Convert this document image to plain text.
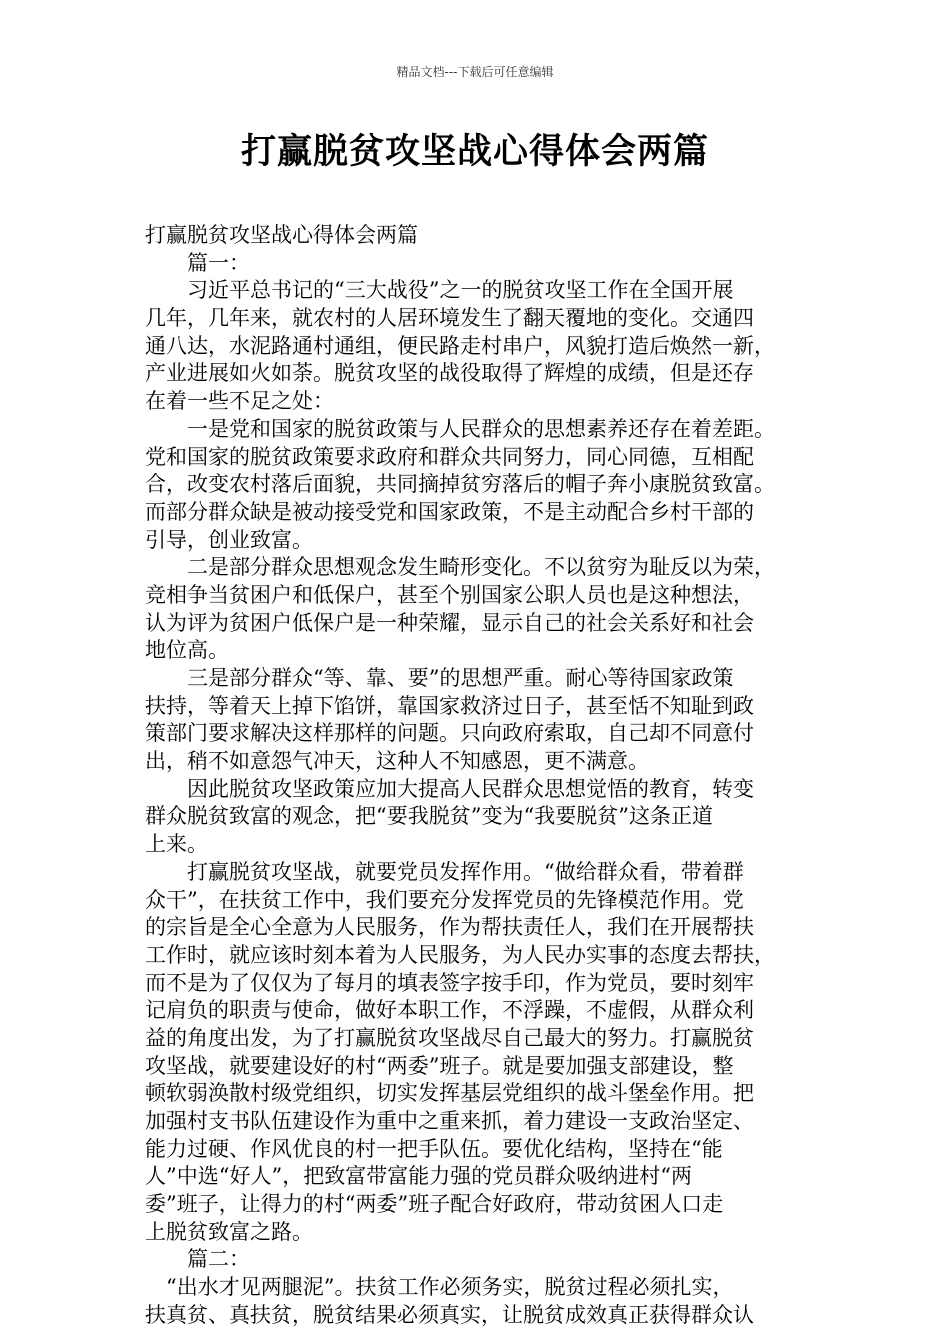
精品文档---下载后可任意编辑
打赢脱贫攻坚战心得体会两篇
打赢脱贫攻坚战心得体会两篇
篇一：
习近平总书记的“三大战役”之一的脱贫攻坚工作在全国开展
几年，几年来，就农村的人居环境发生了翻天覆地的变化。交通四
通八达，水泥路通村通组，便民路走村串户，风貌打造后焕然一新，
产业进展如火如荼。脱贫攻坚的战役取得了辉煌的成绩，但是还存
在着一些不足之处：
一是党和国家的脱贫政策与人民群众的思想素养还存在着差距。
党和国家的脱贫政策要求政府和群众共同努力，同心同德，互相配
合，改变农村落后面貌，共同摘掉贫穷落后的帽子奔小康脱贫致富。
而部分群众缺是被动接受党和国家政策，不是主动配合乡村干部的
引导，创业致富。
二是部分群众思想观念发生畸形变化。不以贫穷为耻反以为荣，
竞相争当贫困户和低保户，甚至个别国家公职人员也是这种想法，
认为评为贫困户低保户是一种荣耀，显示自己的社会关系好和社会
地位高。
三是部分群众“等、靠、要”的思想严重。耐心等待国家政策
扶持，等着天上掉下馅饼，靠国家救济过日子，甚至恬不知耻到政
策部门要求解决这样那样的问题。只向政府索取，自己却不同意付
出，稍不如意怨气冲天，这种人不知感恩，更不满意。
因此脱贫攻坚政策应加大提高人民群众思想觉悟的教育，转变
群众脱贫致富的观念，把“要我脱贫”变为“我要脱贫”这条正道
上来。
打赢脱贫攻坚战，就要党员发挥作用。“做给群众看，带着群
众干”，在扶贫工作中，我们要充分发挥党员的先锋模范作用。党
的宗旨是全心全意为人民服务，作为帮扶责任人，我们在开展帮扶
工作时，就应该时刻本着为人民服务，为人民办实事的态度去帮扶，
而不是为了仅仅为了每月的填表签字按手印，作为党员，要时刻牢
记肩负的职责与使命，做好本职工作，不浮躁，不虚假，从群众利
益的角度出发，为了打赢脱贫攻坚战尽自己最大的努力。打赢脱贫
攻坚战，就要建设好的村“两委”班子。就是要加强支部建设，整
顿软弱涣散村级党组织，切实发挥基层党组织的战斗堡垒作用。把
加强村支书队伍建设作为重中之重来抓，着力建设一支政治坚定、
能力过硬、作风优良的村一把手队伍。要优化结构，坚持在“能
人”中选“好人”，把致富带富能力强的党员群众吸纳进村“两
委”班子，让得力的村“两委”班子配合好政府，带动贫困人口走
上脱贫致富之路。
篇二：
“出水才见两腿泥”。扶贫工作必须务实，脱贫过程必须扎实，
扶真贫、真扶贫，脱贫结果必须真实，让脱贫成效真正获得群众认
